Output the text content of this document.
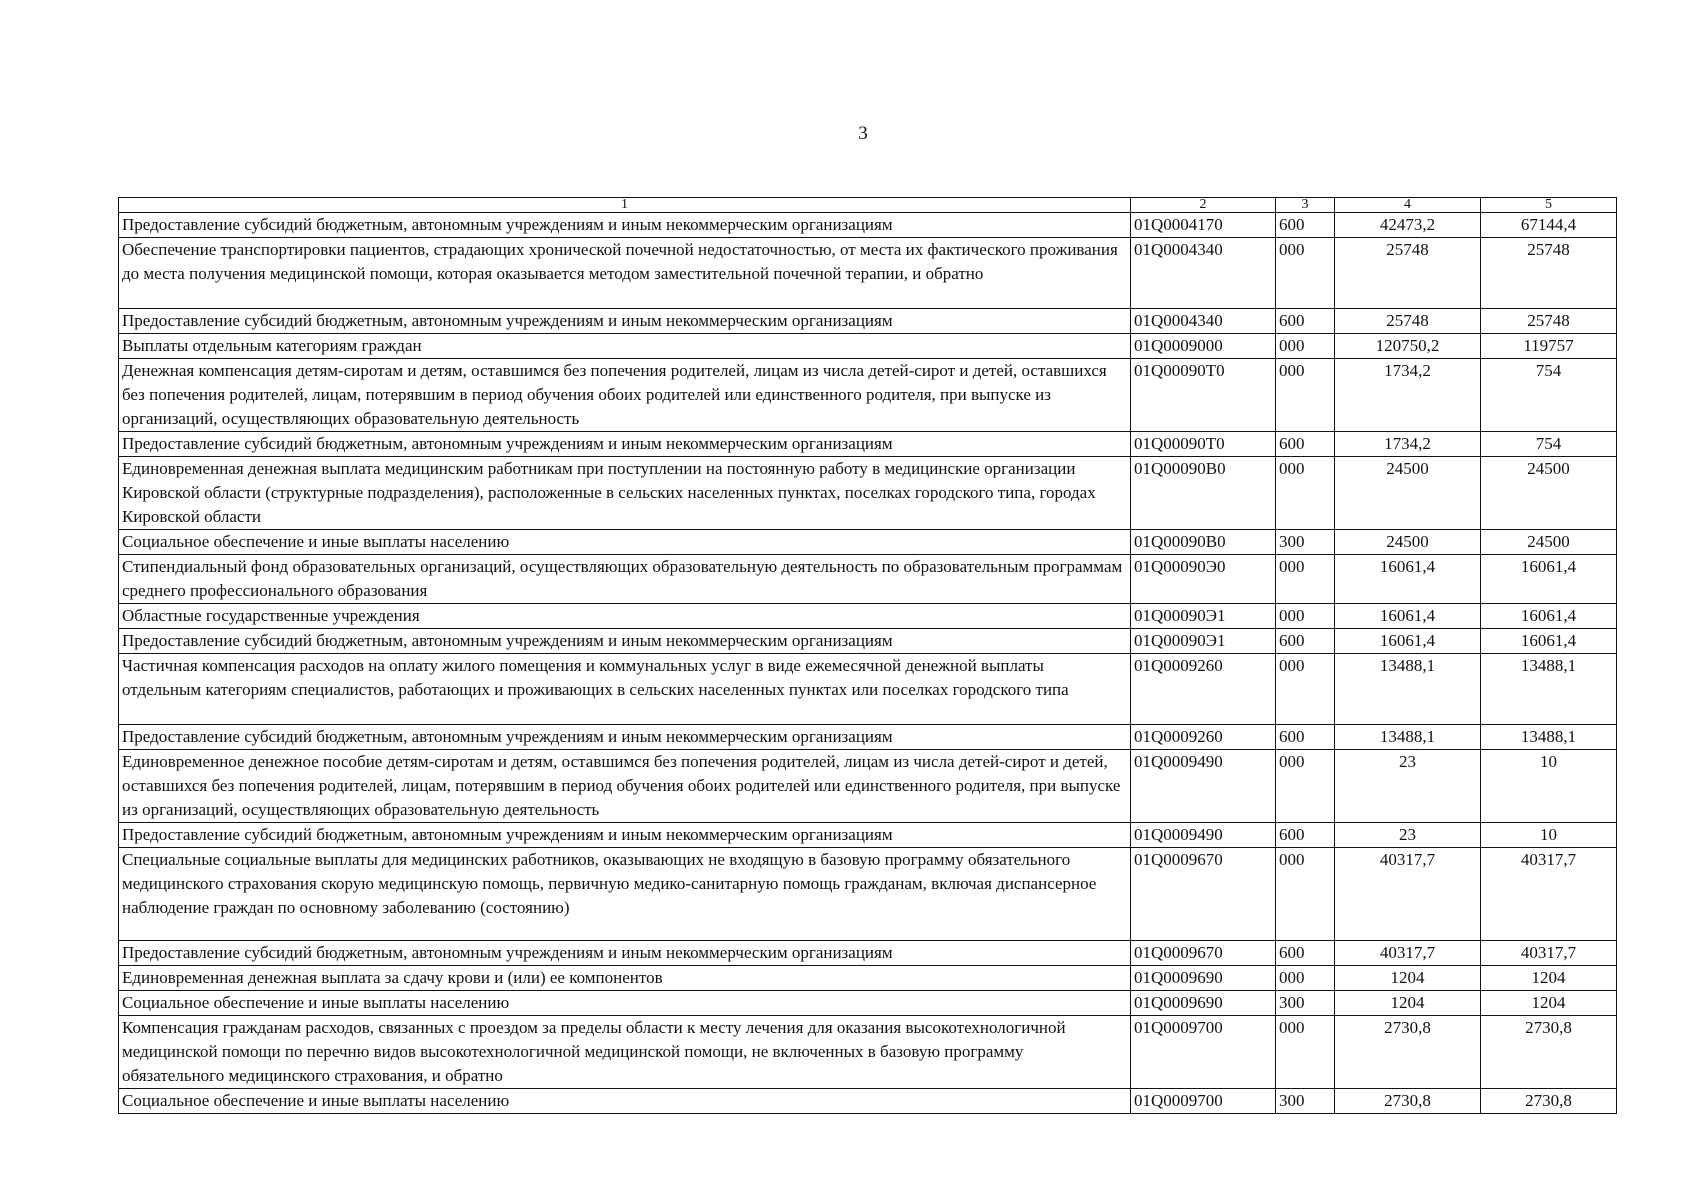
3
1	2	3	4	5
Предоставление субсидий бюджетным, автономным учреждениям и иным некоммерческим организациям	01Q0004170	600	42473,2	67144,4
Обеспечение транспортировки пациентов, страдающих хронической почечной недостаточностью, от места их фактического проживания до места получения медицинской помощи, которая оказывается методом заместительной почечной терапии, и обратно	01Q0004340	000	25748	25748
Предоставление субсидий бюджетным, автономным учреждениям и иным некоммерческим организациям	01Q0004340	600	25748	25748
Выплаты отдельным категориям граждан	01Q0009000	000	120750,2	119757
Денежная компенсация детям-сиротам и детям, оставшимся без попечения родителей, лицам из числа детей-сирот и детей, оставшихся без попечения родителей, лицам, потерявшим в период обучения обоих родителей или единственного родителя, при выпуске из организаций, осуществляющих образовательную деятельность	01Q00090T0	000	1734,2	754
Предоставление субсидий бюджетным, автономным учреждениям и иным некоммерческим организациям	01Q00090T0	600	1734,2	754
Единовременная денежная выплата медицинским работникам при поступлении на постоянную работу в медицинские организации Кировской области (структурные подразделения), расположенные в сельских населенных пунктах, поселках городского типа, городах Кировской области	01Q00090B0	000	24500	24500
Социальное обеспечение и иные выплаты населению	01Q00090B0	300	24500	24500
Стипендиальный фонд образовательных организаций, осуществляющих образовательную деятельность по образовательным программам среднего профессионального образования	01Q00090Э0	000	16061,4	16061,4
Областные государственные учреждения	01Q00090Э1	000	16061,4	16061,4
Предоставление субсидий бюджетным, автономным учреждениям и иным некоммерческим организациям	01Q00090Э1	600	16061,4	16061,4
Частичная компенсация расходов на оплату жилого помещения и коммунальных услуг в виде ежемесячной денежной выплаты отдельным категориям специалистов, работающих и проживающих в сельских населенных пунктах или поселках городского типа	01Q0009260	000	13488,1	13488,1
Предоставление субсидий бюджетным, автономным учреждениям и иным некоммерческим организациям	01Q0009260	600	13488,1	13488,1
Единовременное денежное пособие детям-сиротам и детям, оставшимся без попечения родителей, лицам из числа детей-сирот и детей, оставшихся без попечения родителей, лицам, потерявшим в период обучения обоих родителей или единственного родителя, при выпуске из организаций, осуществляющих образовательную деятельность	01Q0009490	000	23	10
Предоставление субсидий бюджетным, автономным учреждениям и иным некоммерческим организациям	01Q0009490	600	23	10
Специальные социальные выплаты для медицинских работников, оказывающих не входящую в базовую программу обязательного медицинского страхования скорую медицинскую помощь, первичную медико-санитарную помощь гражданам, включая диспансерное наблюдение граждан по основному заболеванию (состоянию)	01Q0009670	000	40317,7	40317,7
Предоставление субсидий бюджетным, автономным учреждениям и иным некоммерческим организациям	01Q0009670	600	40317,7	40317,7
Единовременная денежная выплата за сдачу крови и (или) ее компонентов	01Q0009690	000	1204	1204
Социальное обеспечение и иные выплаты населению	01Q0009690	300	1204	1204
Компенсация гражданам расходов, связанных с проездом за пределы области к месту лечения для оказания высокотехнологичной медицинской помощи по перечню видов высокотехнологичной медицинской помощи, не включенных в базовую программу обязательного медицинского страхования, и обратно	01Q0009700	000	2730,8	2730,8
Социальное обеспечение и иные выплаты населению	01Q0009700	300	2730,8	2730,8
